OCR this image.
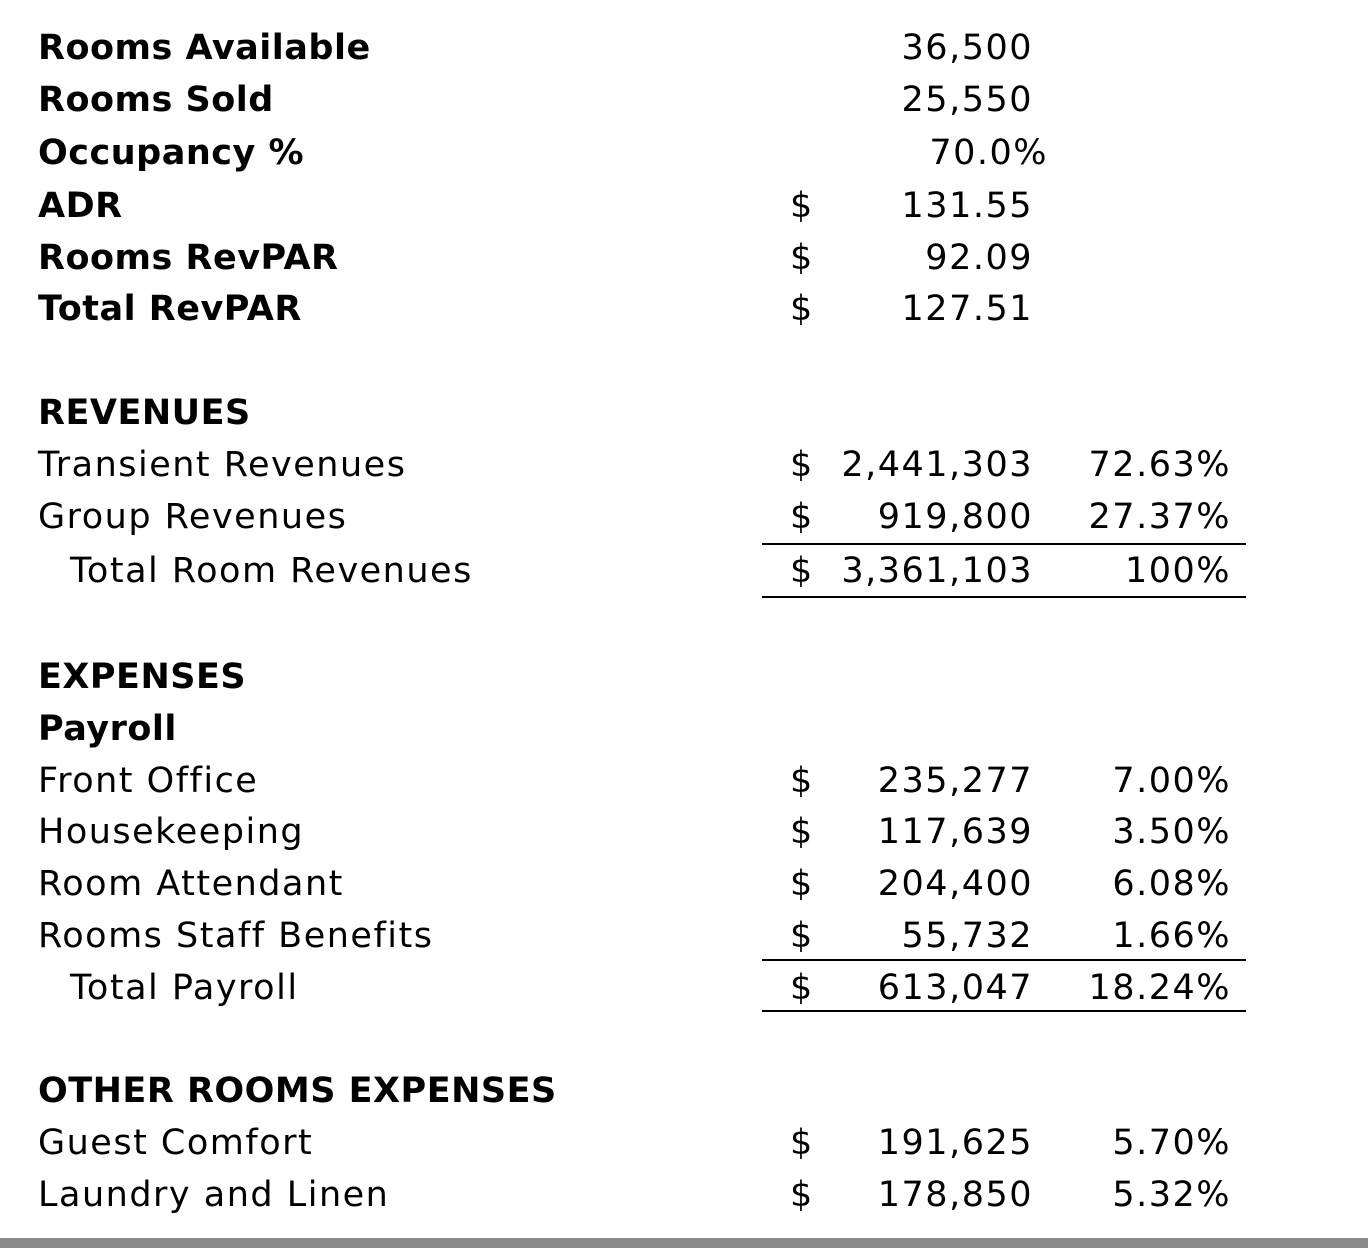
Rooms Available	36,500
Rooms Sold	25,550
Occupancy %	70.0%
ADR	$	131.55
Rooms RevPAR	$	92.09
Total RevPAR	$	127.51
REVENUES
Transient Revenues	$ 2,441,303 72.63%
Group Revenues	$ 919,800 27.37%
Total Room Revenues	$ 3,361,103	100%
EXPENSES
Payroll
Front Office	$ 235,277 7.00%
Housekeeping	$ 117,639 3.50%
Room Attendant	$ 204,400 6.08%
Rooms Staff Benefits	$	55,732 1.66%
Total Payroll	$ 613,047 18.24%
OTHER ROOMS EXPENSES
Guest Comfort	$ 191,625 5.70%
Laundry and Linen	$ 178,850 5.32%
